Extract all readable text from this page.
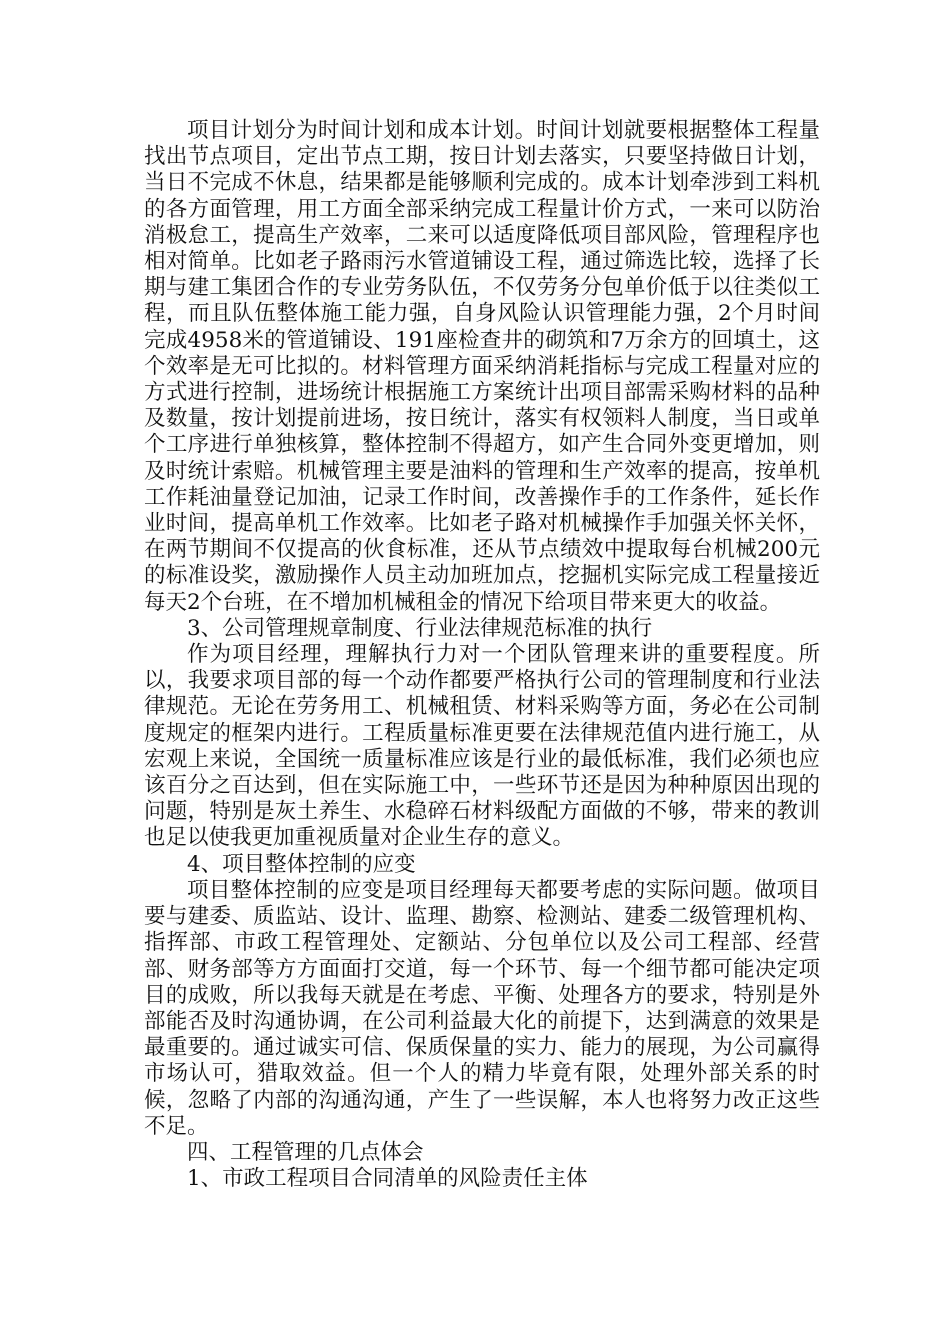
项目计划分为时间计划和成本计划。时间计划就要根据整体工程量找出节点项目，定出节点工期，按日计划去落实，只要坚持做日计划，当日不完成不休息，结果都是能够顺利完成的。成本计划牵涉到工料机的各方面管理，用工方面全部采纳完成工程量计价方式，一来可以防治消极怠工，提高生产效率，二来可以适度降低项目部风险，管理程序也相对简单。比如老子路雨污水管道铺设工程，通过筛选比较，选择了长期与建工集团合作的专业劳务队伍，不仅劳务分包单价低于以往类似工程，而且队伍整体施工能力强，自身风险认识管理能力强，2个月时间完成4958米的管道铺设、191座检查井的砌筑和7万余方的回填土，这个效率是无可比拟的。材料管理方面采纳消耗指标与完成工程量对应的方式进行控制，进场统计根据施工方案统计出项目部需采购材料的品种及数量，按计划提前进场，按日统计，落实有权领料人制度，当日或单个工序进行单独核算，整体控制不得超方，如产生合同外变更增加，则及时统计索赔。机械管理主要是油料的管理和生产效率的提高，按单机工作耗油量登记加油，记录工作时间，改善操作手的工作条件，延长作业时间，提高单机工作效率。比如老子路对机械操作手加强关怀关怀，在两节期间不仅提高的伙食标准，还从节点绩效中提取每台机械200元的标准设奖，激励操作人员主动加班加点，挖掘机实际完成工程量接近每天2个台班，在不增加机械租金的情况下给项目带来更大的收益。

3、公司管理规章制度、行业法律规范标准的执行

作为项目经理，理解执行力对一个团队管理来讲的重要程度。所以，我要求项目部的每一个动作都要严格执行公司的管理制度和行业法律规范。无论在劳务用工、机械租赁、材料采购等方面，务必在公司制度规定的框架内进行。工程质量标准更要在法律规范值内进行施工，从宏观上来说，全国统一质量标准应该是行业的最低标准，我们必须也应该百分之百达到，但在实际施工中，一些环节还是因为种种原因出现的问题，特别是灰土养生、水稳碎石材料级配方面做的不够，带来的教训也足以使我更加重视质量对企业生存的意义。

4、项目整体控制的应变

项目整体控制的应变是项目经理每天都要考虑的实际问题。做项目要与建委、质监站、设计、监理、勘察、检测站、建委二级管理机构、指挥部、市政工程管理处、定额站、分包单位以及公司工程部、经营部、财务部等方方面面打交道，每一个环节、每一个细节都可能决定项目的成败，所以我每天就是在考虑、平衡、处理各方的要求，特别是外部能否及时沟通协调，在公司利益最大化的前提下，达到满意的效果是最重要的。通过诚实可信、保质保量的实力、能力的展现，为公司赢得市场认可，猎取效益。但一个人的精力毕竟有限，处理外部关系的时候，忽略了内部的沟通沟通，产生了一些误解，本人也将努力改正这些不足。

四、工程管理的几点体会

1、市政工程项目合同清单的风险责任主体
